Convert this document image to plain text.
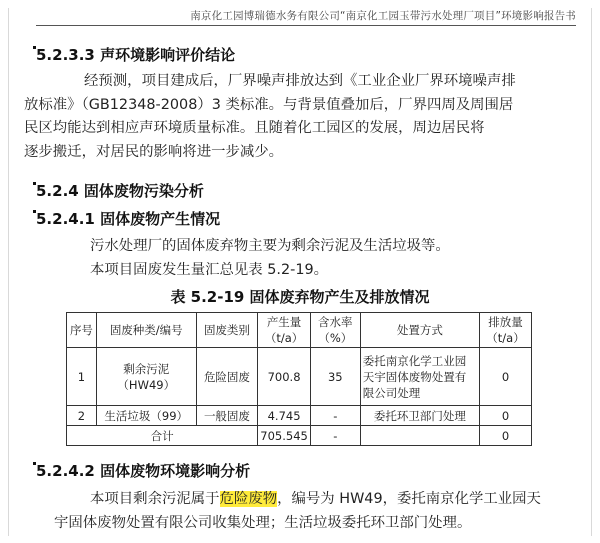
南京化工园博瑞德水务有限公司“南京化工园玉带污水处理厂项目”环境影响报告书
5.2.3.3 声环境影响评价结论
经预测，项目建成后，厂界噪声排放达到《工业企业厂界环境噪声排
放标准》（GB12348-2008）3 类标准。与背景值叠加后，厂界四周及周围居
民区均能达到相应声环境质量标准。且随着化工园区的发展，周边居民将
逐步搬迁，对居民的影响将进一步减少。
5.2.4 固体废物污染分析
5.2.4.1 固体废物产生情况
污水处理厂的固体废弃物主要为剩余污泥及生活垃圾等。
本项目固废发生量汇总见表 5.2-19。
表 5.2-19 固体废弃物产生及排放情况
序号	固废种类/编号	固废类别	产生量（t/a）	含水率（%）	处置方式	排放量（t/a）
1	剩余污泥（HW49）	危险固废	700.8	35	委托南京化学工业园天宇固体废物处置有限公司处理	0
2	生活垃圾（99）	一般固废	4.745	-	委托环卫部门处理	0
合计			705.545	-		0
5.2.4.2 固体废物环境影响分析
本项目剩余污泥属于危险废物，编号为 HW49，委托南京化学工业园天
宇固体废物处置有限公司收集处理；生活垃圾委托环卫部门处理。
